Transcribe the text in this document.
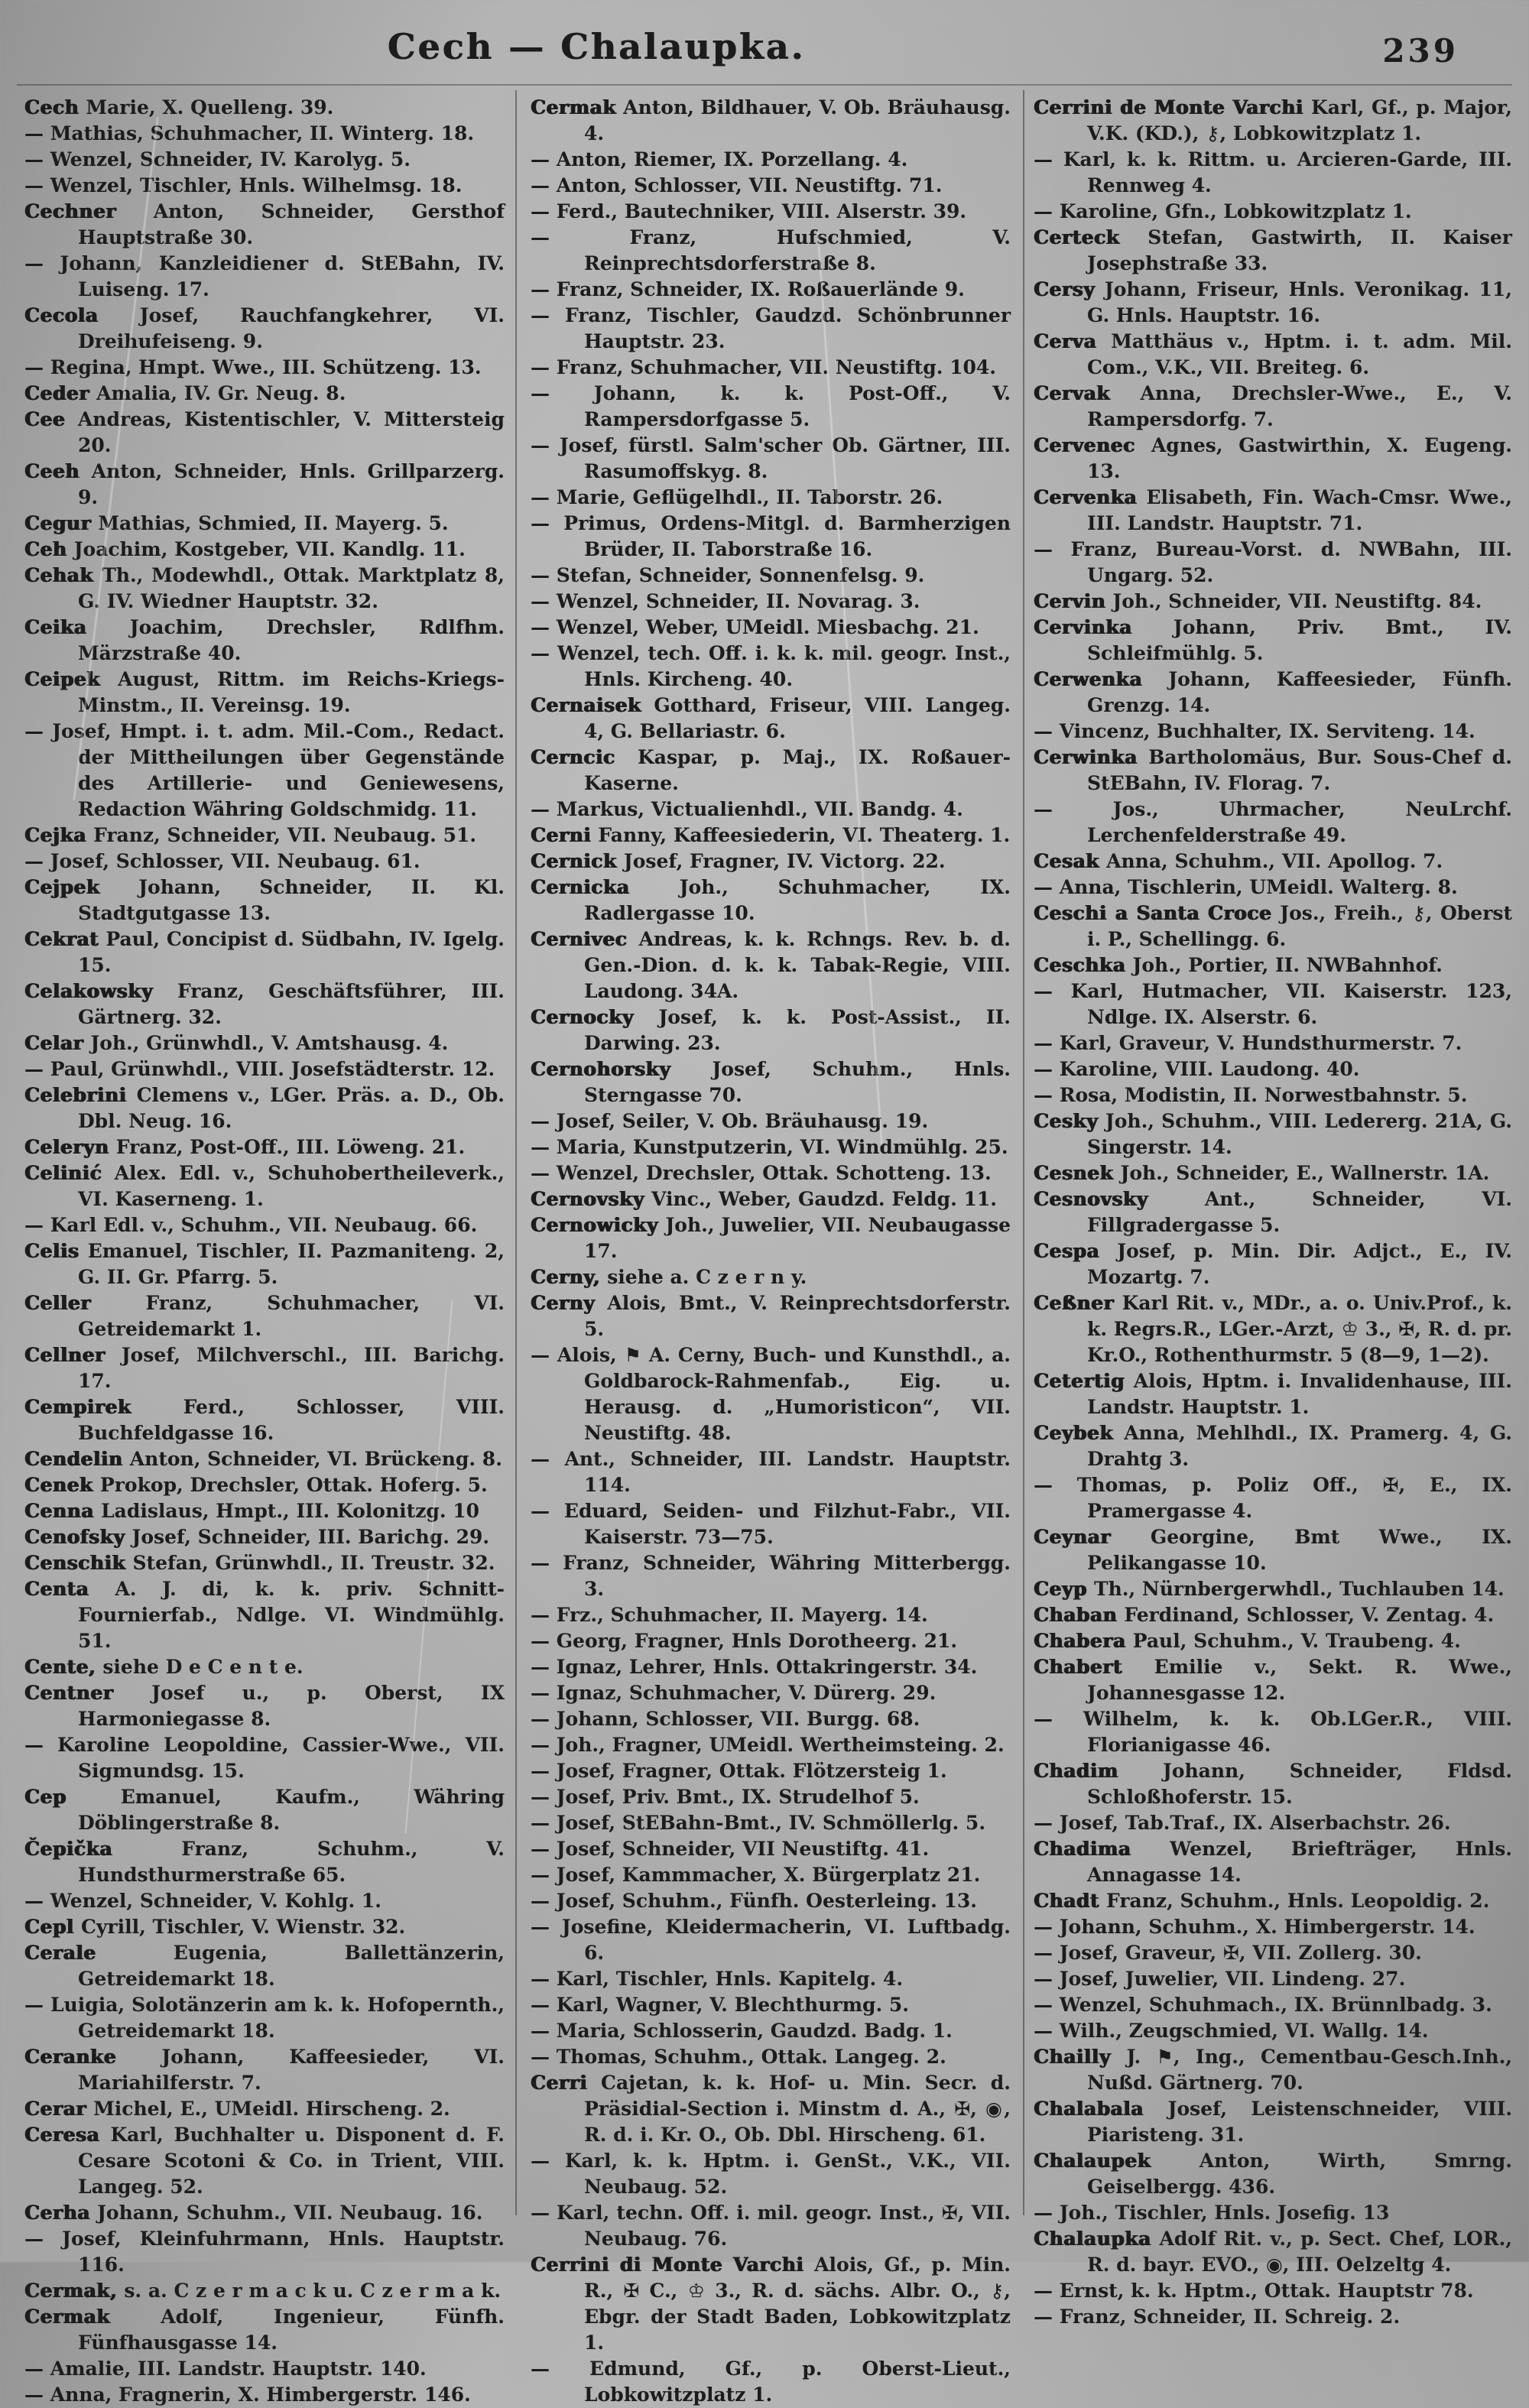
Cech — Chalaupka.	239

Cech Marie, X. Quelleng. 39.

— Mathias, Schuhmacher, II. Winterg. 18.

— Wenzel, Schneider, IV. Karolyg. 5.

— Wenzel, Tischler, Hnls. Wilhelmsg. 18.

Cechner Anton, Schneider, Gersthof Hauptstraße 30.

— Johann, Kanzleidiener d. StEBahn, IV. Luiseng. 17.

Cecola Josef, Rauchfangkehrer, VI. Dreihufeiseng. 9.

— Regina, Hmpt. Wwe., III. Schützeng. 13.

Ceder Amalia, IV. Gr. Neug. 8.

Cee Andreas, Kistentischler, V. Mittersteig 20.

Ceeh Anton, Schneider, Hnls. Grillparzerg. 9.

Cegur Mathias, Schmied, II. Mayerg. 5.

Ceh Joachim, Kostgeber, VII. Kandlg. 11.

Cehak Th., Modewhdl., Ottak. Marktplatz 8, G. IV. Wiedner Hauptstr. 32.

Ceika Joachim, Drechsler, Rdlfhm. Märzstraße 40.

Ceipek August, Rittm. im Reichs-Kriegs-Minstm., II. Vereinsg. 19.

— Josef, Hmpt. i. t. adm. Mil.-Com., Redact. der Mittheilungen über Gegenstände des Artillerie- und Geniewesens, Redaction Währing Goldschmidg. 11.

Cejka Franz, Schneider, VII. Neubaug. 51.

— Josef, Schlosser, VII. Neubaug. 61.

Cejpek Johann, Schneider, II. Kl. Stadtgutgasse 13.

Cekrat Paul, Concipist d. Südbahn, IV. Igelg. 15.

Celakowsky Franz, Geschäftsführer, III. Gärtnerg. 32.

Celar Joh., Grünwhdl., V. Amtshausg. 4.

— Paul, Grünwhdl., VIII. Josefstädterstr. 12.

Celebrini Clemens v., LGer. Präs. a. D., Ob. Dbl. Neug. 16.

Celeryn Franz, Post-Off., III. Löweng. 21.

Celinić Alex. Edl. v., Schuhobertheileverk., VI. Kaserneng. 1.

— Karl Edl. v., Schuhm., VII. Neubaug. 66.

Celis Emanuel, Tischler, II. Pazmaniteng. 2, G. II. Gr. Pfarrg. 5.

Celler Franz, Schuhmacher, VI. Getreidemarkt 1.

Cellner Josef, Milchverschl., III. Barichg. 17.

Cempirek Ferd., Schlosser, VIII. Buchfeldgasse 16.

Cendelin Anton, Schneider, VI. Brückeng. 8.

Cenek Prokop, Drechsler, Ottak. Hoferg. 5.

Cenna Ladislaus, Hmpt., III. Kolonitzg. 10

Cenofsky Josef, Schneider, III. Barichg. 29.

Censchik Stefan, Grünwhdl., II. Treustr. 32.

Centa A. J. di, k. k. priv. Schnitt-Fournierfab., Ndlge. VI. Windmühlg. 51.

Cente, siehe D e C e n t e.

Centner Josef u., p. Oberst, IX Harmoniegasse 8.

— Karoline Leopoldine, Cassier-Wwe., VII. Sigmundsg. 15.

Cep Emanuel, Kaufm., Währing Döblingerstraße 8.

Čepička Franz, Schuhm., V. Hundsthurmerstraße 65.

— Wenzel, Schneider, V. Kohlg. 1.

Cepl Cyrill, Tischler, V. Wienstr. 32.

Cerale Eugenia, Ballettänzerin, Getreidemarkt 18.

— Luigia, Solotänzerin am k. k. Hofopernth., Getreidemarkt 18.

Ceranke Johann, Kaffeesieder, VI. Mariahilferstr. 7.

Cerar Michel, E., UMeidl. Hirscheng. 2.

Ceresa Karl, Buchhalter u. Disponent d. F. Cesare Scotoni & Co. in Trient, VIII. Langeg. 52.

Cerha Johann, Schuhm., VII. Neubaug. 16.

— Josef, Kleinfuhrmann, Hnls. Hauptstr. 116.

Cermak, s. a. C z e r m a c k u. C z e r m a k.

Cermak Adolf, Ingenieur, Fünfh. Fünfhausgasse 14.

— Amalie, III. Landstr. Hauptstr. 140.

— Anna, Fragnerin, X. Himbergerstr. 146.

Cermak Anton, Bildhauer, V. Ob. Bräuhausg. 4.

— Anton, Riemer, IX. Porzellang. 4.

— Anton, Schlosser, VII. Neustiftg. 71.

— Ferd., Bautechniker, VIII. Alserstr. 39.

— Franz, Hufschmied, V. Reinprechtsdorferstraße 8.

— Franz, Schneider, IX. Roßauerlände 9.

— Franz, Tischler, Gaudzd. Schönbrunner Hauptstr. 23.

— Franz, Schuhmacher, VII. Neustiftg. 104.

— Johann, k. k. Post-Off., V. Rampersdorfgasse 5.

— Josef, fürstl. Salm'scher Ob. Gärtner, III. Rasumoffskyg. 8.

— Marie, Geflügelhdl., II. Taborstr. 26.

— Primus, Ordens-Mitgl. d. Barmherzigen Brüder, II. Taborstraße 16.

— Stefan, Schneider, Sonnenfelsg. 9.

— Wenzel, Schneider, II. Novarag. 3.

— Wenzel, Weber, UMeidl. Miesbachg. 21.

— Wenzel, tech. Off. i. k. k. mil. geogr. Inst., Hnls. Kircheng. 40.

Cernaisek Gotthard, Friseur, VIII. Langeg. 4, G. Bellariastr. 6.

Cerncic Kaspar, p. Maj., IX. Roßauer-Kaserne.

— Markus, Victualienhdl., VII. Bandg. 4.

Cerni Fanny, Kaffeesiederin, VI. Theaterg. 1.

Cernick Josef, Fragner, IV. Victorg. 22.

Cernicka Joh., Schuhmacher, IX. Radlergasse 10.

Cernivec Andreas, k. k. Rchngs. Rev. b. d. Gen.-Dion. d. k. k. Tabak-Regie, VIII. Laudong. 34A.

Cernocky Josef, k. k. Post-Assist., II. Darwing. 23.

Cernohorsky Josef, Schuhm., Hnls. Sterngasse 70.

— Josef, Seiler, V. Ob. Bräuhausg. 19.

— Maria, Kunstputzerin, VI. Windmühlg. 25.

— Wenzel, Drechsler, Ottak. Schotteng. 13.

Cernovsky Vinc., Weber, Gaudzd. Feldg. 11.

Cernowicky Joh., Juwelier, VII. Neubaugasse 17.

Cerny, siehe a. C z e r n y.

Cerny Alois, Bmt., V. Reinprechtsdorferstr. 5.

— Alois, ⚑ A. Cerny, Buch- und Kunsthdl., a. Goldbarock-Rahmenfab., Eig. u. Herausg. d. „Humoristicon“, VII. Neustiftg. 48.

— Ant., Schneider, III. Landstr. Hauptstr. 114.

— Eduard, Seiden- und Filzhut-Fabr., VII. Kaiserstr. 73—75.

— Franz, Schneider, Währing Mitterbergg. 3.

— Frz., Schuhmacher, II. Mayerg. 14.

— Georg, Fragner, Hnls Dorotheerg. 21.

— Ignaz, Lehrer, Hnls. Ottakringerstr. 34.

— Ignaz, Schuhmacher, V. Dürerg. 29.

— Johann, Schlosser, VII. Burgg. 68.

— Joh., Fragner, UMeidl. Wertheimsteing. 2.

— Josef, Fragner, Ottak. Flötzersteig 1.

— Josef, Priv. Bmt., IX. Strudelhof 5.

— Josef, StEBahn-Bmt., IV. Schmöllerlg. 5.

— Josef, Schneider, VII Neustiftg. 41.

— Josef, Kammmacher, X. Bürgerplatz 21.

— Josef, Schuhm., Fünfh. Oesterleing. 13.

— Josefine, Kleidermacherin, VI. Luftbadg. 6.

— Karl, Tischler, Hnls. Kapitelg. 4.

— Karl, Wagner, V. Blechthurmg. 5.

— Maria, Schlosserin, Gaudzd. Badg. 1.

— Thomas, Schuhm., Ottak. Langeg. 2.

Cerri Cajetan, k. k. Hof- u. Min. Secr. d. Präsidial-Section i. Minstm d. A., ✠, ◉, R. d. i. Kr. O., Ob. Dbl. Hirscheng. 61.

— Karl, k. k. Hptm. i. GenSt., V.K., VII. Neubaug. 52.

— Karl, techn. Off. i. mil. geogr. Inst., ✠, VII. Neubaug. 76.

Cerrini di Monte Varchi Alois, Gf., p. Min. R., ✠ C., ♔ 3., R. d. sächs. Albr. O., ⚷, Ebgr. der Stadt Baden, Lobkowitzplatz 1.

— Edmund, Gf., p. Oberst-Lieut., Lobkowitzplatz 1.

Cerrini de Monte Varchi Karl, Gf., p. Major, V.K. (KD.), ⚷, Lobkowitzplatz 1.

— Karl, k. k. Rittm. u. Arcieren-Garde, III. Rennweg 4.

— Karoline, Gfn., Lobkowitzplatz 1.

Certeck Stefan, Gastwirth, II. Kaiser Josephstraße 33.

Cersy Johann, Friseur, Hnls. Veronikag. 11, G. Hnls. Hauptstr. 16.

Cerva Matthäus v., Hptm. i. t. adm. Mil. Com., V.K., VII. Breiteg. 6.

Cervak Anna, Drechsler-Wwe., E., V. Rampersdorfg. 7.

Cervenec Agnes, Gastwirthin, X. Eugeng. 13.

Cervenka Elisabeth, Fin. Wach-Cmsr. Wwe., III. Landstr. Hauptstr. 71.

— Franz, Bureau-Vorst. d. NWBahn, III. Ungarg. 52.

Cervin Joh., Schneider, VII. Neustiftg. 84.

Cervinka Johann, Priv. Bmt., IV. Schleifmühlg. 5.

Cerwenka Johann, Kaffeesieder, Fünfh. Grenzg. 14.

— Vincenz, Buchhalter, IX. Serviteng. 14.

Cerwinka Bartholomäus, Bur. Sous-Chef d. StEBahn, IV. Florag. 7.

— Jos., Uhrmacher, NeuLrchf. Lerchenfelderstraße 49.

Cesak Anna, Schuhm., VII. Apollog. 7.

— Anna, Tischlerin, UMeidl. Walterg. 8.

Ceschi a Santa Croce Jos., Freih., ⚷, Oberst i. P., Schellingg. 6.

Ceschka Joh., Portier, II. NWBahnhof.

— Karl, Hutmacher, VII. Kaiserstr. 123, Ndlge. IX. Alserstr. 6.

— Karl, Graveur, V. Hundsthurmerstr. 7.

— Karoline, VIII. Laudong. 40.

— Rosa, Modistin, II. Norwestbahnstr. 5.

Cesky Joh., Schuhm., VIII. Ledererg. 21A, G. Singerstr. 14.

Cesnek Joh., Schneider, E., Wallnerstr. 1A.

Cesnovsky Ant., Schneider, VI. Fillgradergasse 5.

Cespa Josef, p. Min. Dir. Adjct., E., IV. Mozartg. 7.

Ceßner Karl Rit. v., MDr., a. o. Univ.Prof., k. k. Regrs.R., LGer.-Arzt, ♔ 3., ✠, R. d. pr. Kr.O., Rothenthurmstr. 5 (8—9, 1—2).

Cetertig Alois, Hptm. i. Invalidenhause, III. Landstr. Hauptstr. 1.

Ceybek Anna, Mehlhdl., IX. Pramerg. 4, G. Drahtg 3.

— Thomas, p. Poliz Off., ✠, E., IX. Pramergasse 4.

Ceynar Georgine, Bmt Wwe., IX. Pelikangasse 10.

Ceyp Th., Nürnbergerwhdl., Tuchlauben 14.

Chaban Ferdinand, Schlosser, V. Zentag. 4.

Chabera Paul, Schuhm., V. Traubeng. 4.

Chabert Emilie v., Sekt. R. Wwe., Johannesgasse 12.

— Wilhelm, k. k. Ob.LGer.R., VIII. Florianigasse 46.

Chadim Johann, Schneider, Fldsd. Schloßhoferstr. 15.

— Josef, Tab.Traf., IX. Alserbachstr. 26.

Chadima Wenzel, Briefträger, Hnls. Annagasse 14.

Chadt Franz, Schuhm., Hnls. Leopoldig. 2.

— Johann, Schuhm., X. Himbergerstr. 14.

— Josef, Graveur, ✠, VII. Zollerg. 30.

— Josef, Juwelier, VII. Lindeng. 27.

— Wenzel, Schuhmach., IX. Brünnlbadg. 3.

— Wilh., Zeugschmied, VI. Wallg. 14.

Chailly J. ⚑, Ing., Cementbau-Gesch.Inh., Nußd. Gärtnerg. 70.

Chalabala Josef, Leistenschneider, VIII. Piaristeng. 31.

Chalaupek Anton, Wirth, Smrng. Geiselbergg. 436.

— Joh., Tischler, Hnls. Josefig. 13

Chalaupka Adolf Rit. v., p. Sect. Chef, LOR., R. d. bayr. EVO., ◉, III. Oelzeltg 4.

— Ernst, k. k. Hptm., Ottak. Hauptstr 78.

— Franz, Schneider, II. Schreig. 2.
